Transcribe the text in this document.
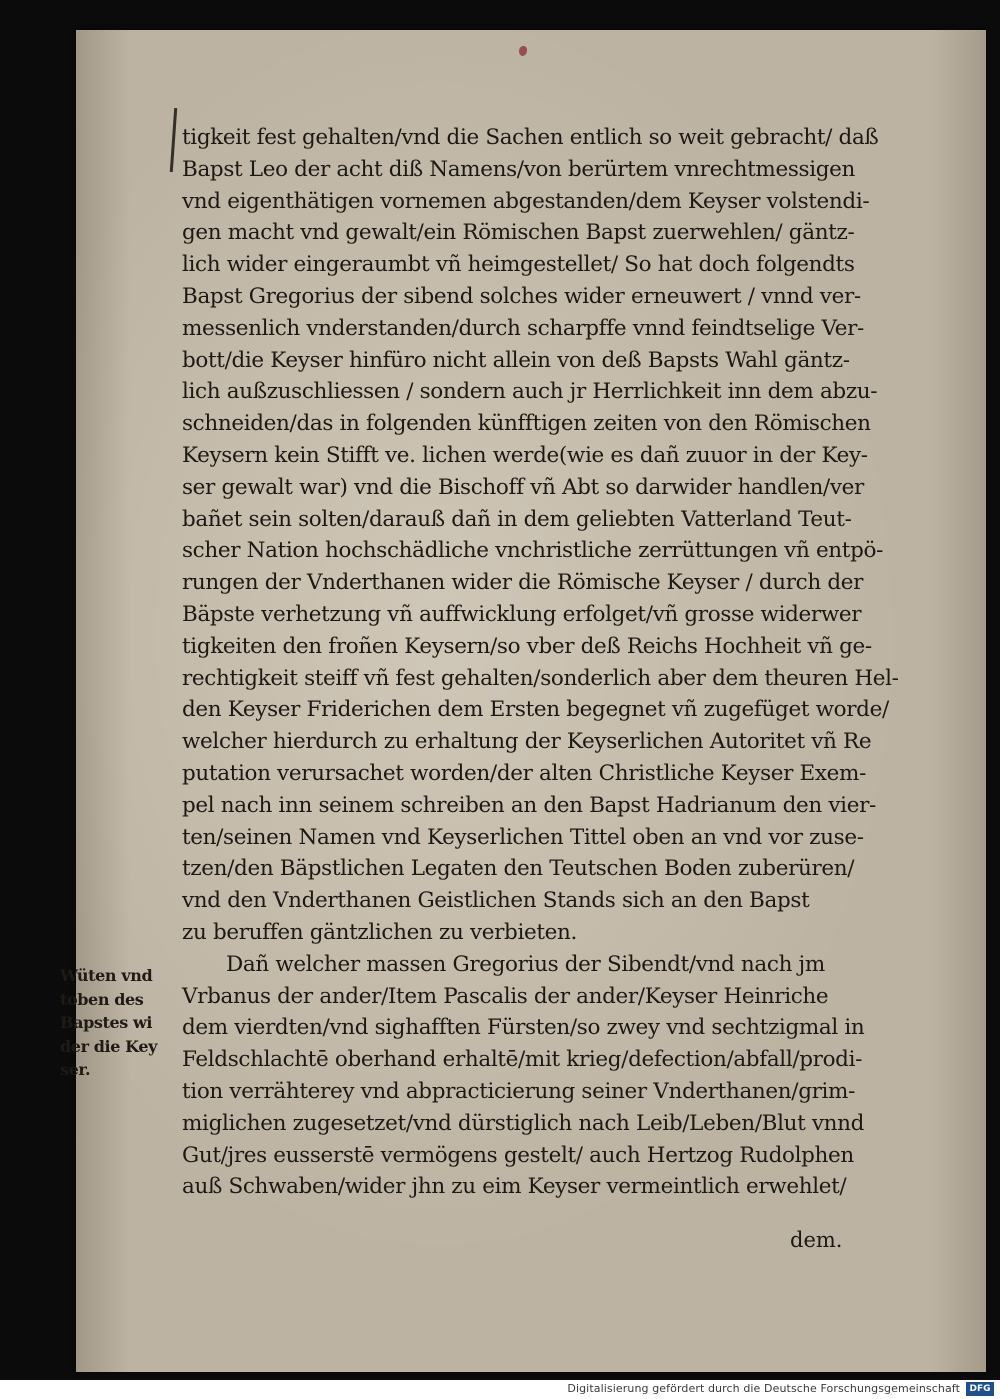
tigkeit fest gehalten/vnd die Sachen entlich so weit gebracht/ daß
Bapst Leo der acht diß Namens/von berürtem vnrechtmessigen
vnd eigenthätigen vornemen abgestanden/dem Keyser volstendi-
gen macht vnd gewalt/ein Römischen Bapst zuerwehlen/ gäntz-
lich wider eingeraumbt vñ heimgestellet/ So hat doch folgendts
Bapst Gregorius der sibend solches wider erneuwert / vnnd ver-
messenlich vnderstanden/durch scharpffe vnnd feindtselige Ver-
bott/die Keyser hinfüro nicht allein von deß Bapsts Wahl gäntz-
lich außzuschliessen / sondern auch jr Herrlichkeit inn dem abzu-
schneiden/das in folgenden künfftigen zeiten von den Römischen
Keysern kein Stifft ve. lichen werde(wie es dañ zuuor in der Key-
ser gewalt war) vnd die Bischoff vñ Abt so darwider handlen/ver
bañet sein solten/darauß dañ in dem geliebten Vatterland Teut-
scher Nation hochschädliche vnchristliche zerrüttungen vñ entpö-
rungen der Vnderthanen wider die Römische Keyser / durch der
Bäpste verhetzung vñ auffwicklung erfolget/vñ grosse widerwer
tigkeiten den froñen Keysern/so vber deß Reichs Hochheit vñ ge-
rechtigkeit steiff vñ fest gehalten/sonderlich aber dem theuren Hel-
den Keyser Friderichen dem Ersten begegnet vñ zugefüget worde/
welcher hierdurch zu erhaltung der Keyserlichen Autoritet vñ Re
putation verursachet worden/der alten Christliche Keyser Exem-
pel nach inn seinem schreiben an den Bapst Hadrianum den vier-
ten/seinen Namen vnd Keyserlichen Tittel oben an vnd vor zuse-
tzen/den Bäpstlichen Legaten den Teutschen Boden zuberüren/
vnd den Vnderthanen Geistlichen Stands sich an den Bapst
zu beruffen gäntzlichen zu verbieten.
Dañ welcher massen Gregorius der Sibendt/vnd nach jm
Vrbanus der ander/Item Pascalis der ander/Keyser Heinriche
dem vierdten/vnd sighafften Fürsten/so zwey vnd sechtzigmal in
Feldschlachtē oberhand erhaltē/mit krieg/defection/abfall/prodi-
tion verrähterey vnd abpracticierung seiner Vnderthanen/grim-
miglichen zugesetzet/vnd dürstiglich nach Leib/Leben/Blut vnnd
Gut/jres eusserstē vermögens gestelt/ auch Hertzog Rudolphen
auß Schwaben/wider jhn zu eim Keyser vermeintlich erwehlet/
Wüten vnd
toben des
Bapstes wi
der die Key
ser.
dem.
Digitalisierung gefördert durch die Deutsche Forschungsgemeinschaft	DFG
